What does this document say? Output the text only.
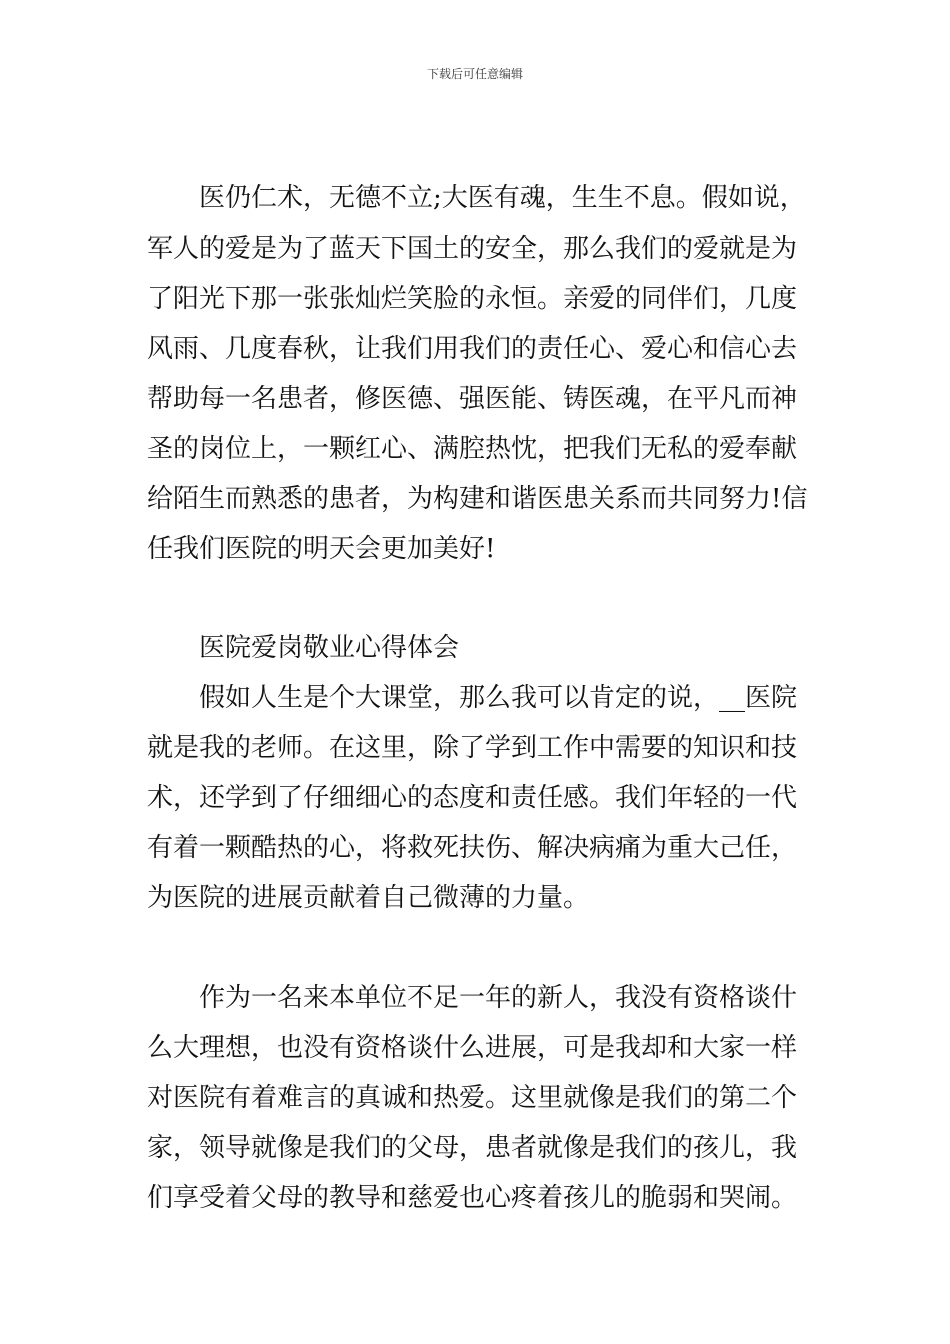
下载后可任意编辑
医仍仁术，无德不立;大医有魂，生生不息。假如说，
军人的爱是为了蓝天下国土的安全，那么我们的爱就是为
了阳光下那一张张灿烂笑脸的永恒。亲爱的同伴们，几度
风雨、几度春秋，让我们用我们的责任心、爱心和信心去
帮助每一名患者，修医德、强医能、铸医魂，在平凡而神
圣的岗位上，一颗红心、满腔热忱，把我们无私的爱奉献
给陌生而熟悉的患者，为构建和谐医患关系而共同努力!信
任我们医院的明天会更加美好!
医院爱岗敬业心得体会
假如人生是个大课堂，那么我可以肯定的说，__医院
就是我的老师。在这里，除了学到工作中需要的知识和技
术，还学到了仔细细心的态度和责任感。我们年轻的一代
有着一颗酷热的心，将救死扶伤、解决病痛为重大己任，
为医院的进展贡献着自己微薄的力量。
作为一名来本单位不足一年的新人，我没有资格谈什
么大理想，也没有资格谈什么进展，可是我却和大家一样
对医院有着难言的真诚和热爱。这里就像是我们的第二个
家，领导就像是我们的父母，患者就像是我们的孩儿，我
们享受着父母的教导和慈爱也心疼着孩儿的脆弱和哭闹。
